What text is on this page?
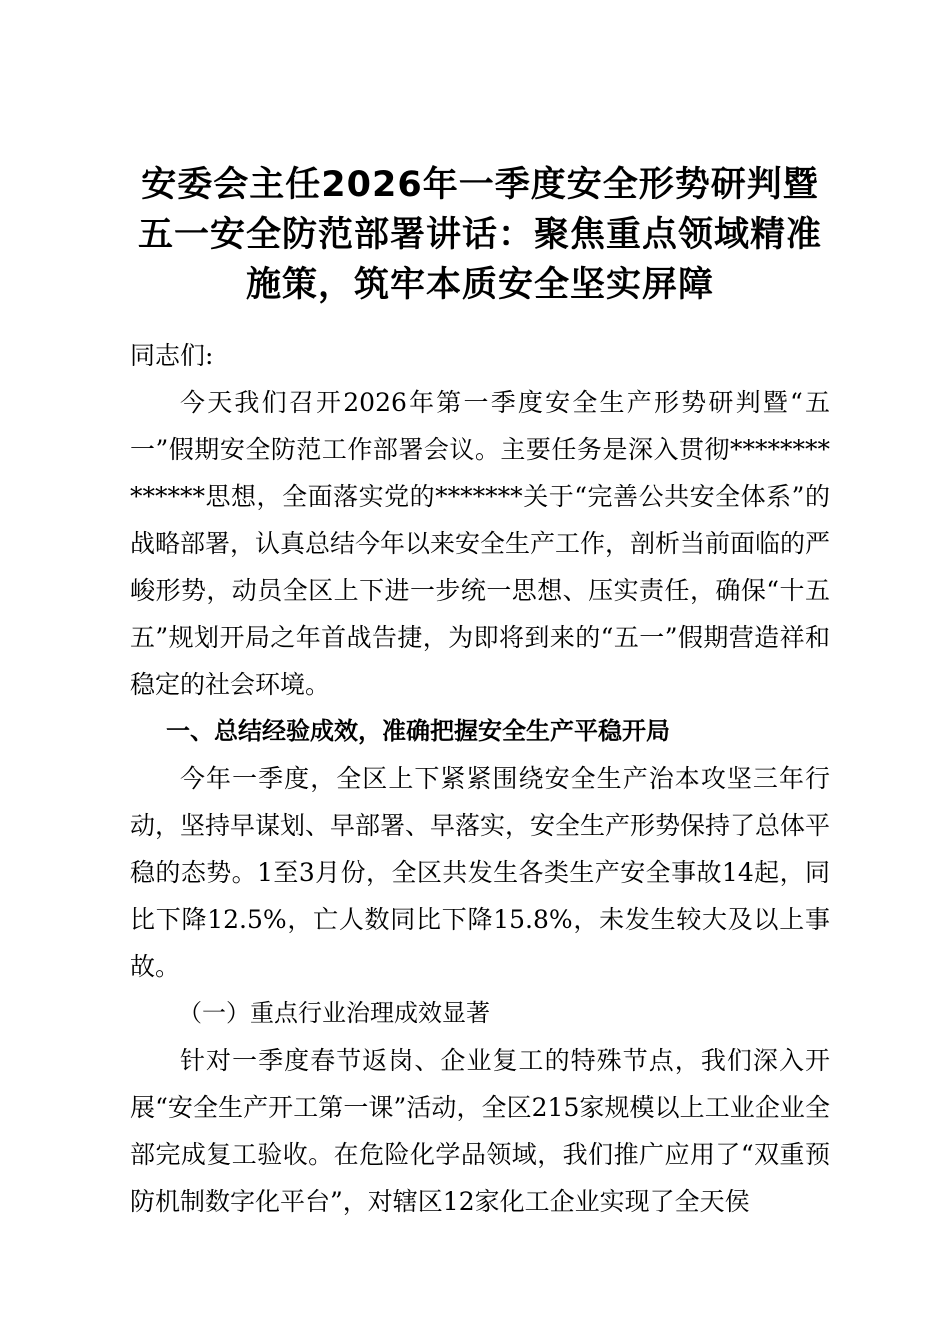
安委会主任2026年一季度安全形势研判暨五一安全防范部署讲话：聚焦重点领域精准施策，筑牢本质安全坚实屏障

同志们:

今天我们召开2026年第一季度安全生产形势研判暨“五一”假期安全防范工作部署会议。主要任务是深入贯彻**************思想，全面落实党的*******关于“完善公共安全体系”的战略部署，认真总结今年以来安全生产工作，剖析当前面临的严峻形势，动员全区上下进一步统一思想、压实责任，确保“十五五”规划开局之年首战告捷，为即将到来的“五一”假期营造祥和稳定的社会环境。

一、总结经验成效，准确把握安全生产平稳开局

今年一季度，全区上下紧紧围绕安全生产治本攻坚三年行动，坚持早谋划、早部署、早落实，安全生产形势保持了总体平稳的态势。1至3月份，全区共发生各类生产安全事故14起，同比下降12.5%，亡人数同比下降15.8%，未发生较大及以上事故。

（一）重点行业治理成效显著

针对一季度春节返岗、企业复工的特殊节点，我们深入开展“安全生产开工第一课”活动，全区215家规模以上工业企业全部完成复工验收。在危险化学品领域，我们推广应用了“双重预防机制数字化平台”，对辖区12家化工企业实现了全天侯
